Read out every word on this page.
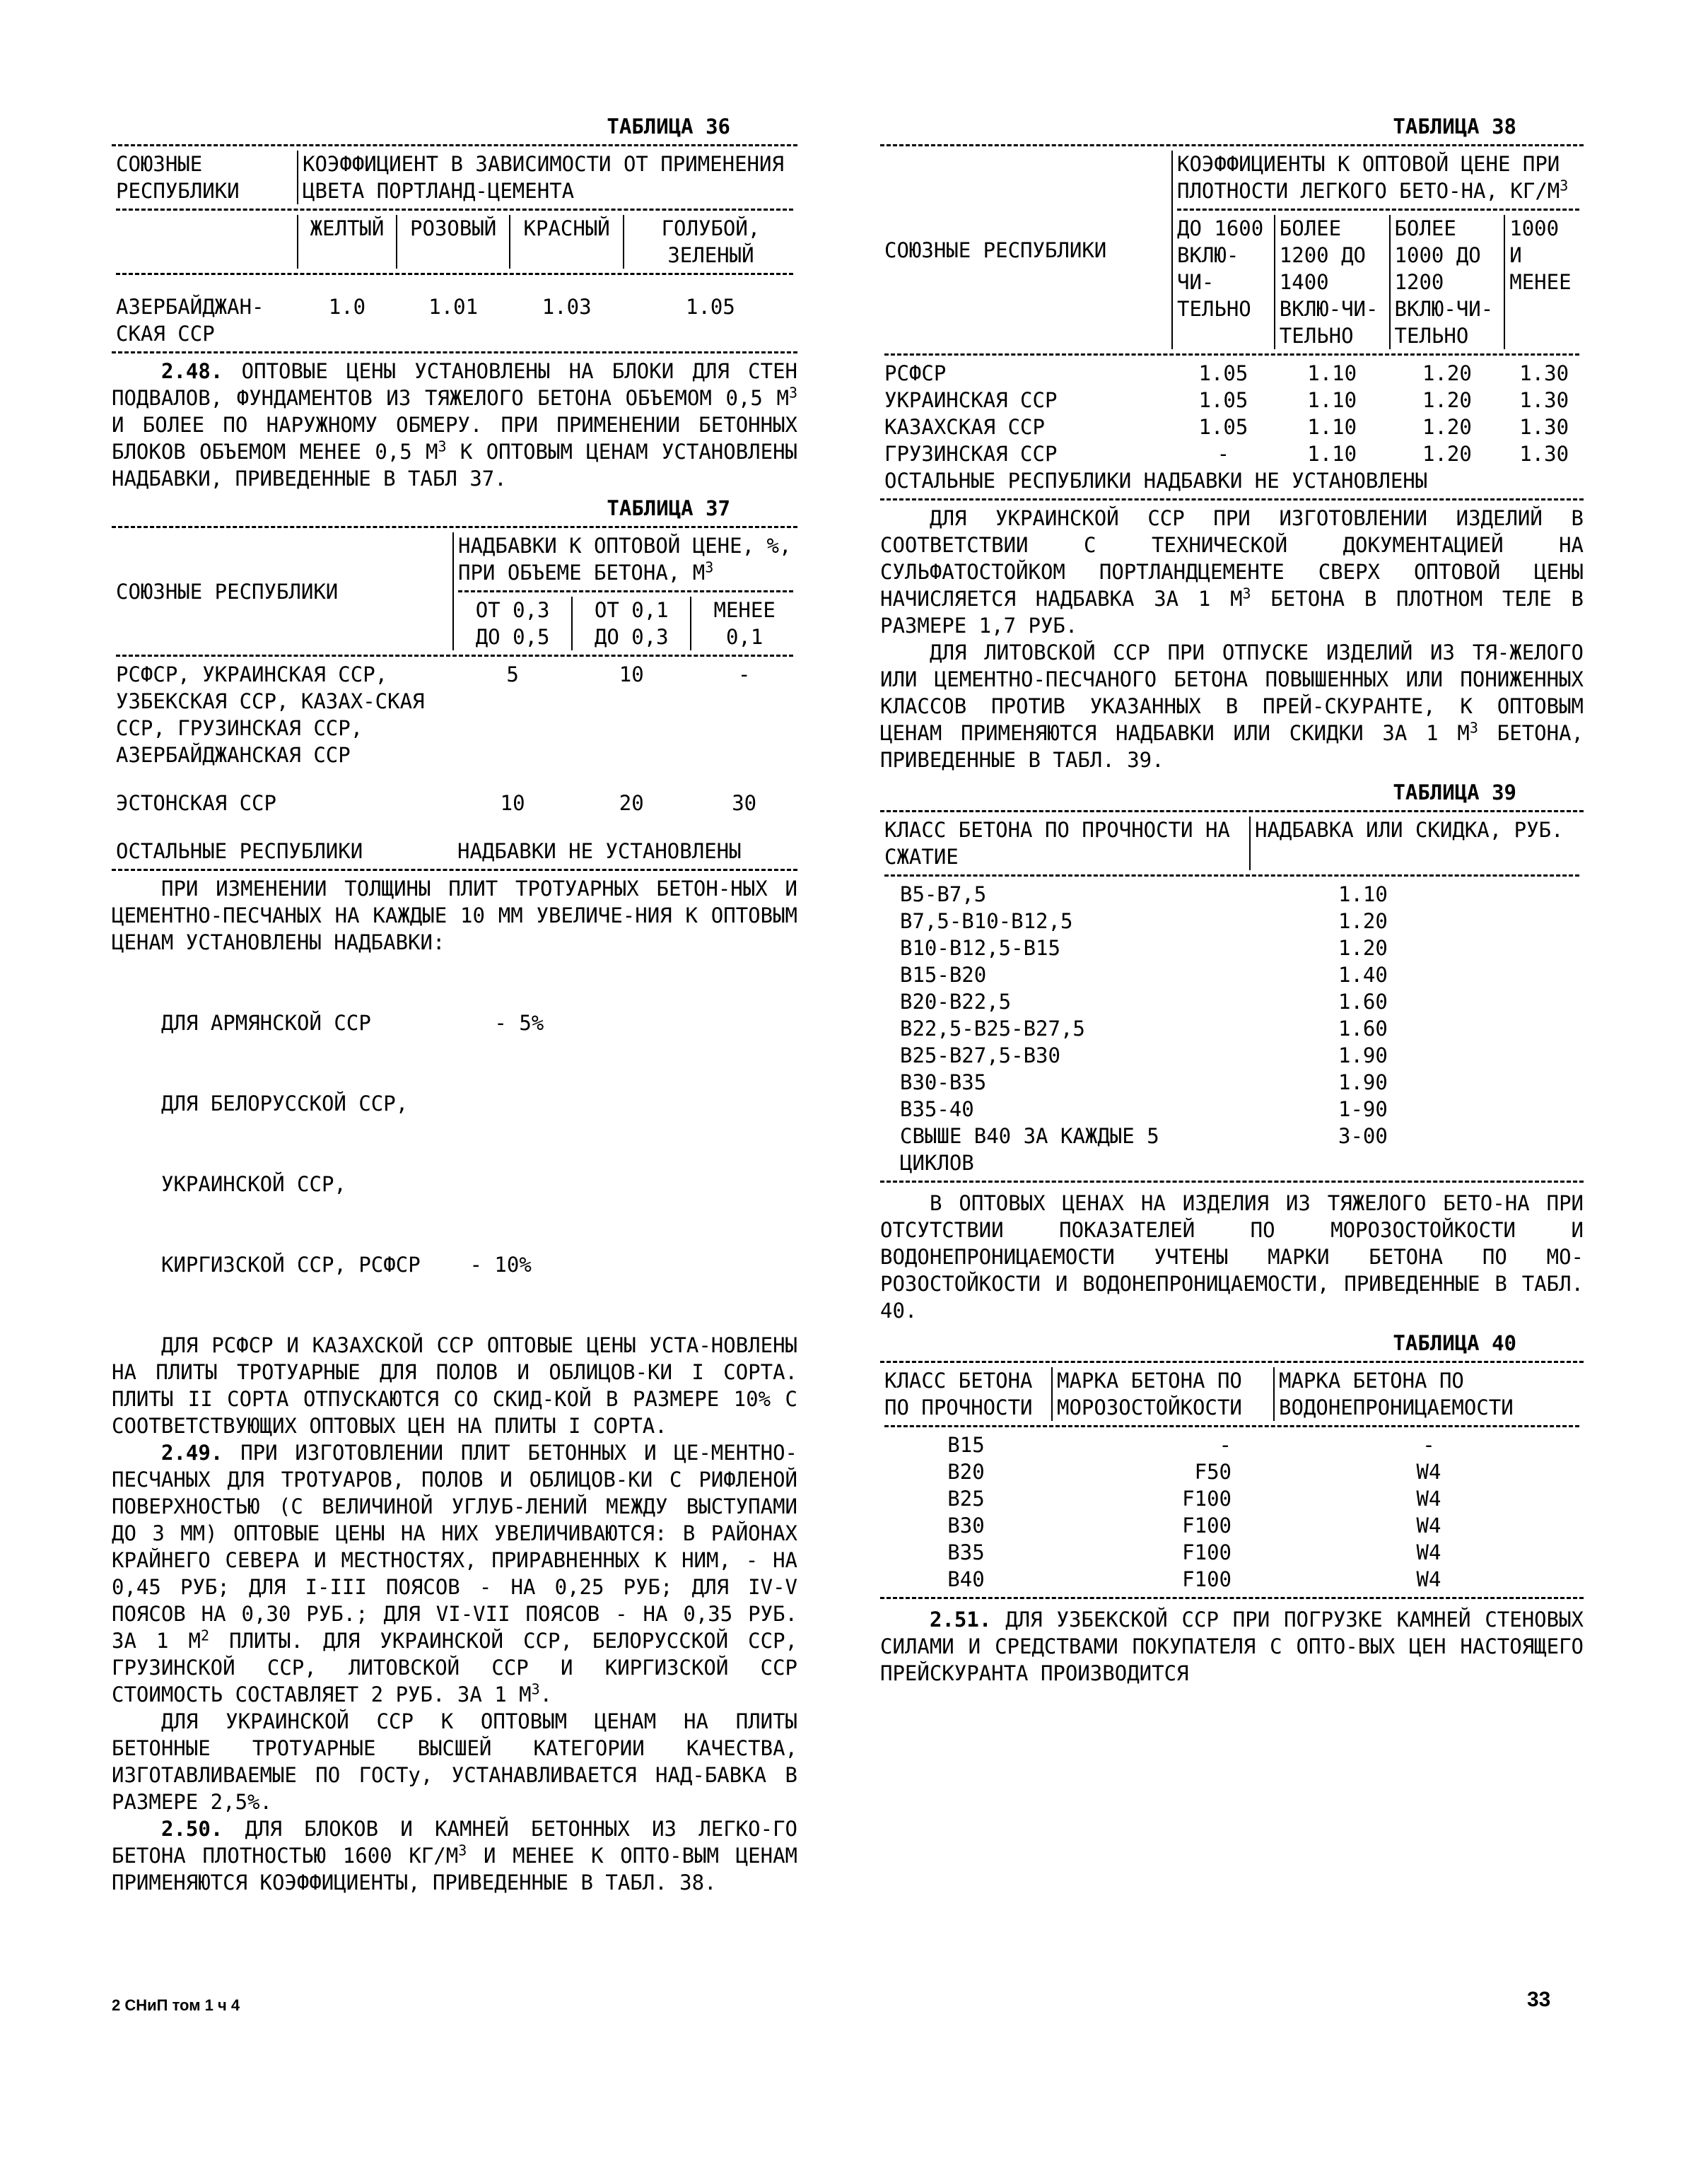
ТАБЛИЦА 36

СОЮЗНЫЕ РЕСПУБЛИКИ	КОЭФФИЦИЕНТ В ЗАВИСИМОСТИ ОТ ПРИМЕНЕНИЯ ЦВЕТА ПОРТЛАНД-ЦЕМЕНТА			

	ЖЕЛТЫЙ	РОЗОВЫЙ	КРАСНЫЙ	ГОЛУБОЙ, ЗЕЛЕНЫЙ

АЗЕРБАЙДЖАН-СКАЯ ССР	1.0	1.01	1.03	1.05

2.48. ОПТОВЫЕ ЦЕНЫ УСТАНОВЛЕНЫ НА БЛОКИ ДЛЯ СТЕН ПОДВАЛОВ, ФУНДАМЕНТОВ ИЗ ТЯЖЕЛОГО БЕТОНА ОБЪЕМОМ 0,5 $М^3$ И БОЛЕЕ ПО НАРУЖНОМУ ОБМЕРУ. ПРИ ПРИМЕНЕНИИ БЕТОННЫХ БЛОКОВ ОБЪЕМОМ МЕНЕЕ 0,5 $М^3$ К ОПТОВЫМ ЦЕНАМ УСТАНОВЛЕНЫ НАДБАВКИ, ПРИВЕДЕННЫЕ В ТАБЛ 37.

ТАБЛИЦА 37

СОЮЗНЫЕ РЕСПУБЛИКИ	НАДБАВКИ К ОПТОВОЙ ЦЕНЕ, %, ПРИ ОБЪЕМЕ БЕТОНА, $М^3$

	ОТ 0,3 ДО 0,5	ОТ 0,1 ДО 0,3	МЕНЕЕ 0,1

РСФСР, УКРАИНСКАЯ ССР, УЗБЕКСКАЯ ССР, КАЗАХ-СКАЯ ССР, ГРУЗИНСКАЯ ССР, АЗЕРБАЙДЖАНСКАЯ ССР	5	10	-

ЭСТОНСКАЯ ССР	10	20	30

ОСТАЛЬНЫЕ РЕСПУБЛИКИ	НАДБАВКИ НЕ УСТАНОВЛЕНЫ		

ПРИ ИЗМЕНЕНИИ ТОЛЩИНЫ ПЛИТ ТРОТУАРНЫХ БЕТОН-НЫХ И ЦЕМЕНТНО-ПЕСЧАНЫХ НА КАЖДЫЕ 10 ММ УВЕЛИЧЕ-НИЯ К ОПТОВЫМ ЦЕНАМ УСТАНОВЛЕНЫ НАДБАВКИ:

ДЛЯ АРМЯНСКОЙ ССР          - 5%

ДЛЯ БЕЛОРУССКОЙ ССР,

УКРАИНСКОЙ ССР,

КИРГИЗСКОЙ ССР, РСФСР    - 10%

ДЛЯ РСФСР И КАЗАХСКОЙ ССР ОПТОВЫЕ ЦЕНЫ УСТА-НОВЛЕНЫ НА ПЛИТЫ ТРОТУАРНЫЕ ДЛЯ ПОЛОВ И ОБЛИЦОВ-КИ I СОРТА. ПЛИТЫ II СОРТА ОТПУСКАЮТСЯ СО СКИД-КОЙ В РАЗМЕРЕ 10% С СООТВЕТСТВУЮЩИХ ОПТОВЫХ ЦЕН НА ПЛИТЫ I СОРТА.

2.49. ПРИ ИЗГОТОВЛЕНИИ ПЛИТ БЕТОННЫХ И ЦЕ-МЕНТНО-ПЕСЧАНЫХ ДЛЯ ТРОТУАРОВ, ПОЛОВ И ОБЛИЦОВ-КИ С РИФЛЕНОЙ ПОВЕРХНОСТЬЮ (С ВЕЛИЧИНОЙ УГЛУБ-ЛЕНИЙ МЕЖДУ ВЫСТУПАМИ ДО 3 ММ) ОПТОВЫЕ ЦЕНЫ НА НИХ УВЕЛИЧИВАЮТСЯ: В РАЙОНАХ КРАЙНЕГО СЕВЕРА И МЕСТНОСТЯХ, ПРИРАВНЕННЫХ К НИМ, - НА 0,45 РУБ; ДЛЯ I-III ПОЯСОВ - НА 0,25 РУБ; ДЛЯ IV-V ПОЯСОВ НА 0,30 РУБ.; ДЛЯ VI-VII ПОЯСОВ - НА 0,35 РУБ. ЗА 1 $М^2$ ПЛИТЫ. ДЛЯ УКРАИНСКОЙ ССР, БЕЛОРУССКОЙ ССР, ГРУЗИНСКОЙ ССР, ЛИТОВСКОЙ ССР И КИРГИЗСКОЙ ССР СТОИМОСТЬ СОСТАВЛЯЕТ 2 РУБ. ЗА 1 $М^3$.

ДЛЯ УКРАИНСКОЙ ССР К ОПТОВЫМ ЦЕНАМ НА ПЛИТЫ БЕТОННЫЕ ТРОТУАРНЫЕ ВЫСШЕЙ КАТЕГОРИИ КАЧЕСТВА, ИЗГОТАВЛИВАЕМЫЕ ПО ГОСТу, УСТАНАВЛИВАЕТСЯ НАД-БАВКА В РАЗМЕРЕ 2,5%.

2.50. ДЛЯ БЛОКОВ И КАМНЕЙ БЕТОННЫХ ИЗ ЛЕГКО-ГО БЕТОНА ПЛОТНОСТЬЮ 1600 $КГ/М^3$ И МЕНЕЕ К ОПТО-ВЫМ ЦЕНАМ ПРИМЕНЯЮТСЯ КОЭФФИЦИЕНТЫ, ПРИВЕДЕННЫЕ В ТАБЛ. 38.

ТАБЛИЦА 38

СОЮЗНЫЕ РЕСПУБЛИКИ	КОЭФФИЦИЕНТЫ К ОПТОВОЙ ЦЕНЕ ПРИ ПЛОТНОСТИ ЛЕГКОГО БЕТО-НА, $КГ/М^3$

	ДО 1600 ВКЛЮ-ЧИ-ТЕЛЬНО	БОЛЕЕ 1200 ДО 1400 ВКЛЮ-ЧИ-ТЕЛЬНО	БОЛЕЕ 1000 ДО 1200 ВКЛЮ-ЧИ-ТЕЛЬНО	1000 И МЕНЕЕ

РСФСР	1.05	1.10	1.20	1.30
УКРАИНСКАЯ ССР	1.05	1.10	1.20	1.30
КАЗАХСКАЯ ССР	1.05	1.10	1.20	1.30
ГРУЗИНСКАЯ ССР	-	1.10	1.20	1.30
ОСТАЛЬНЫЕ РЕСПУБЛИКИ НАДБАВКИ НЕ УСТАНОВЛЕНЫ				

ДЛЯ УКРАИНСКОЙ ССР ПРИ ИЗГОТОВЛЕНИИ ИЗДЕЛИЙ В СООТВЕТСТВИИ С ТЕХНИЧЕСКОЙ ДОКУМЕНТАЦИЕЙ НА СУЛЬФАТОСТОЙКОМ ПОРТЛАНДЦЕМЕНТЕ СВЕРХ ОПТОВОЙ ЦЕНЫ НАЧИСЛЯЕТСЯ НАДБАВКА ЗА 1 $М^3$ БЕТОНА В ПЛОТНОМ ТЕЛЕ В РАЗМЕРЕ 1,7 РУБ.

ДЛЯ ЛИТОВСКОЙ ССР ПРИ ОТПУСКЕ ИЗДЕЛИЙ ИЗ ТЯ-ЖЕЛОГО ИЛИ ЦЕМЕНТНО-ПЕСЧАНОГО БЕТОНА ПОВЫШЕННЫХ ИЛИ ПОНИЖЕННЫХ КЛАССОВ ПРОТИВ УКАЗАННЫХ В ПРЕЙ-СКУРАНТЕ, К ОПТОВЫМ ЦЕНАМ ПРИМЕНЯЮТСЯ НАДБАВКИ ИЛИ СКИДКИ ЗА 1 $М^3$ БЕТОНА, ПРИВЕДЕННЫЕ В ТАБЛ. 39.

ТАБЛИЦА 39

КЛАСС БЕТОНА ПО ПРОЧНОСТИ НА СЖАТИЕ	НАДБАВКА ИЛИ СКИДКА, РУБ.

B5-B7,5	1.10
B7,5-B10-B12,5	1.20
B10-B12,5-B15	1.20
B15-B20	1.40
B20-B22,5	1.60
B22,5-B25-B27,5	1.60
B25-B27,5-B30	1.90
B30-B35	1.90
B35-40	1-90
СВЫШЕ B40 ЗА КАЖДЫЕ 5 ЦИКЛОВ	3-00

В ОПТОВЫХ ЦЕНАХ НА ИЗДЕЛИЯ ИЗ ТЯЖЕЛОГО БЕТО-НА ПРИ ОТСУТСТВИИ ПОКАЗАТЕЛЕЙ ПО МОРОЗОСТОЙКОСТИ И ВОДОНЕПРОНИЦАЕМОСТИ УЧТЕНЫ МАРКИ БЕТОНА ПО МО-РОЗОСТОЙКОСТИ И ВОДОНЕПРОНИЦАЕМОСТИ, ПРИВЕДЕННЫЕ В ТАБЛ. 40.

ТАБЛИЦА 40

КЛАСС БЕТОНА ПО ПРОЧНОСТИ	МАРКА БЕТОНА ПО МОРОЗОСТОЙКОСТИ	МАРКА БЕТОНА ПО ВОДОНЕПРОНИЦАЕМОСТИ

B15	-	-
B20	F50	W4
B25	F100	W4
B30	F100	W4
B35	F100	W4
B40	F100	W4

2.51. ДЛЯ УЗБЕКСКОЙ ССР ПРИ ПОГРУЗКЕ КАМНЕЙ СТЕНОВЫХ СИЛАМИ И СРЕДСТВАМИ ПОКУПАТЕЛЯ С ОПТО-ВЫХ ЦЕН НАСТОЯЩЕГО ПРЕЙСКУРАНТА ПРОИЗВОДИТСЯ

2 СНиП том 1 ч 4	33
